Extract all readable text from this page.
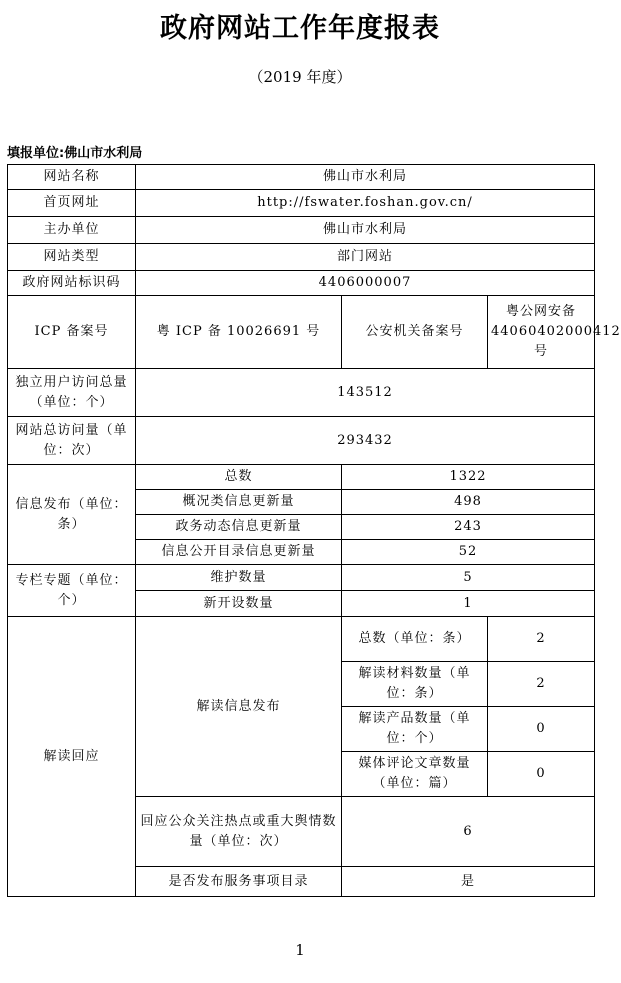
政府网站工作年度报表
（2019 年度）
填报单位:佛山市水利局
网站名称	佛山市水利局		
首页网址	http://fswater.foshan.gov.cn/		
主办单位	佛山市水利局		
网站类型	部门网站		
政府网站标识码	4406000007		
ICP 备案号	粤 ICP 备 10026691 号	公安机关备案号	粤公网安备 44060402000412 号
独立用户访问总量（单位：个）	143512		
网站总访问量（单位：次）	293432		
信息发布（单位：条）	总数	1322	
	概况类信息更新量	498	
	政务动态信息更新量	243	
	信息公开目录信息更新量	52	
专栏专题（单位：个）	维护数量	5	
	新开设数量	1	
解读回应	解读信息发布	总数（单位：条）	2
		解读材料数量（单位：条）	2
		解读产品数量（单位：个）	0
		媒体评论文章数量（单位：篇）	0
	回应公众关注热点或重大舆情数量（单位：次）	6	
	是否发布服务事项目录	是	
1
